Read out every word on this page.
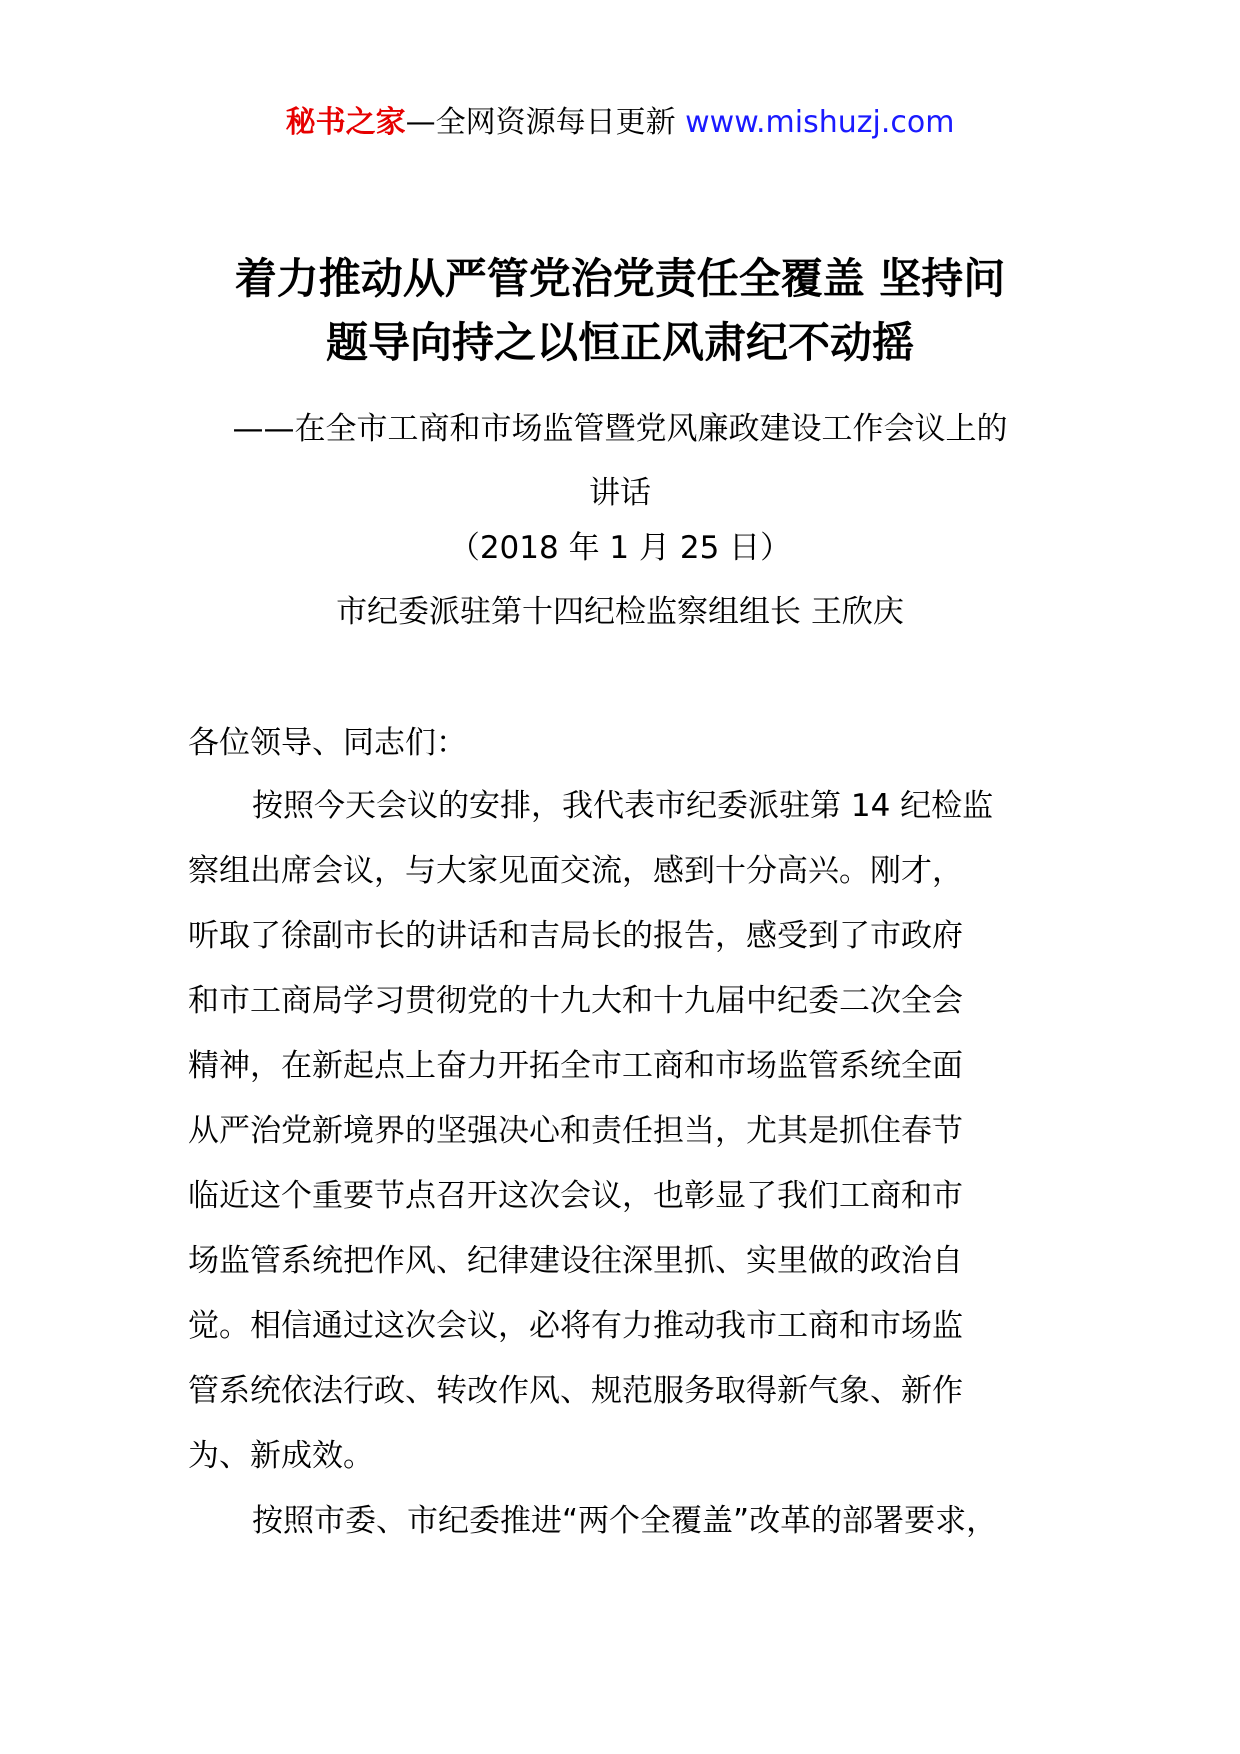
秘书之家—全网资源每日更新 www.mishuzj.com
着力推动从严管党治党责任全覆盖 坚持问
题导向持之以恒正风肃纪不动摇
——在全市工商和市场监管暨党风廉政建设工作会议上的
讲话
（2018 年 1 月 25 日）
市纪委派驻第十四纪检监察组组长 王欣庆
各位领导、同志们：
按照今天会议的安排，我代表市纪委派驻第 14 纪检监
察组出席会议，与大家见面交流，感到十分高兴。刚才，
听取了徐副市长的讲话和吉局长的报告，感受到了市政府
和市工商局学习贯彻党的十九大和十九届中纪委二次全会
精神，在新起点上奋力开拓全市工商和市场监管系统全面
从严治党新境界的坚强决心和责任担当，尤其是抓住春节
临近这个重要节点召开这次会议，也彰显了我们工商和市
场监管系统把作风、纪律建设往深里抓、实里做的政治自
觉。相信通过这次会议，必将有力推动我市工商和市场监
管系统依法行政、转改作风、规范服务取得新气象、新作
为、新成效。
按照市委、市纪委推进“两个全覆盖”改革的部署要求，
